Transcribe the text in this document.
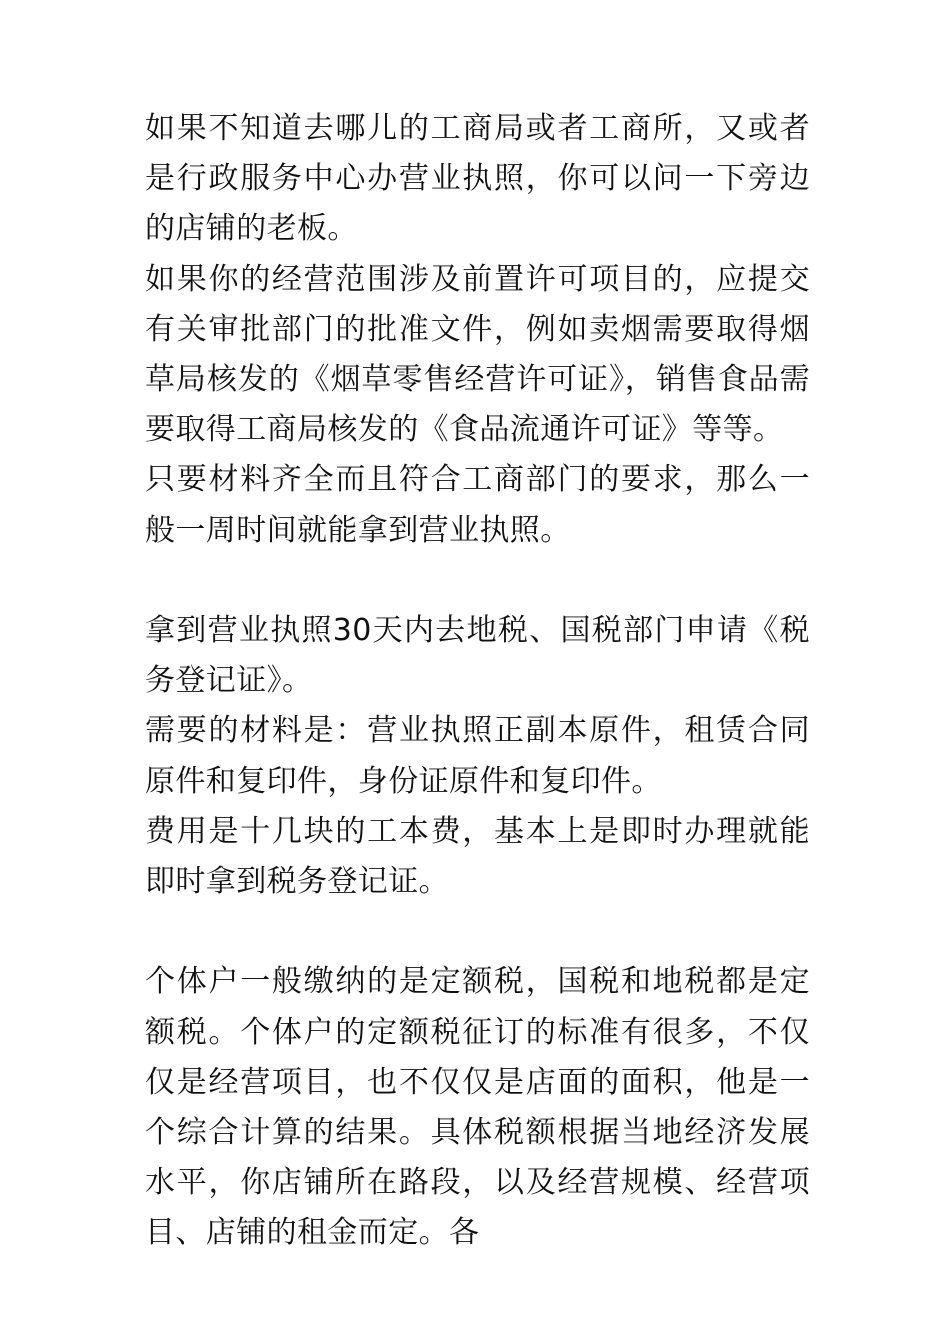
如果不知道去哪儿的工商局或者工商所，又或者是行政服务中心办营业执照，你可以问一下旁边的店铺的老板。

如果你的经营范围涉及前置许可项目的，应提交有关审批部门的批准文件，例如卖烟需要取得烟草局核发的《烟草零售经营许可证》，销售食品需要取得工商局核发的《食品流通许可证》等等。

只要材料齐全而且符合工商部门的要求，那么一般一周时间就能拿到营业执照。

拿到营业执照30天内去地税、国税部门申请《税务登记证》。

需要的材料是：营业执照正副本原件，租赁合同原件和复印件，身份证原件和复印件。

费用是十几块的工本费，基本上是即时办理就能即时拿到税务登记证。

个体户一般缴纳的是定额税，国税和地税都是定额税。个体户的定额税征订的标准有很多，不仅仅是经营项目，也不仅仅是店面的面积，他是一个综合计算的结果。具体税额根据当地经济发展水平，你店铺所在路段，以及经营规模、经营项目、店铺的租金而定。各
